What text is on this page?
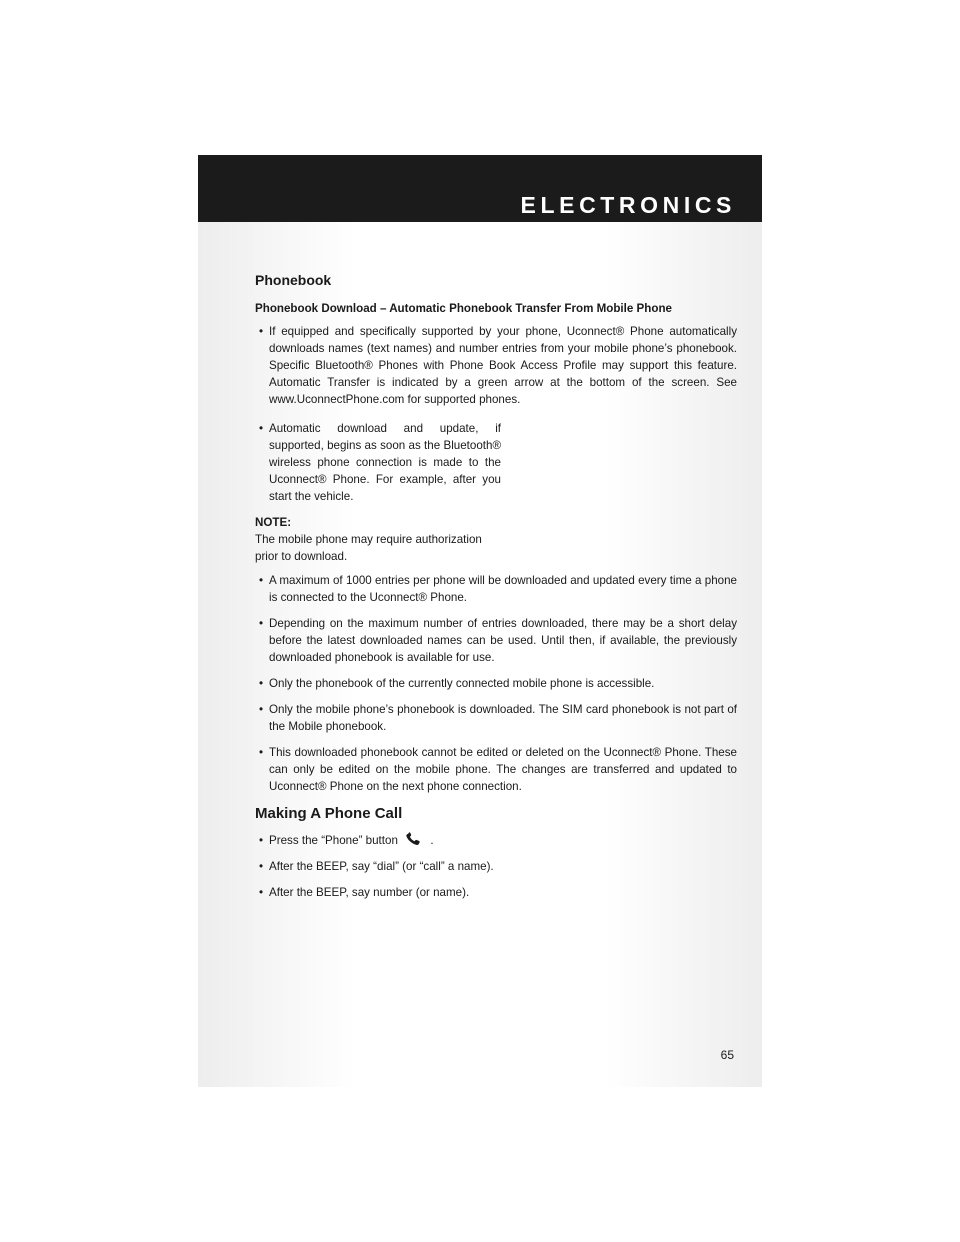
ELECTRONICS
Phonebook
Phonebook Download – Automatic Phonebook Transfer From Mobile Phone
• If equipped and specifically supported by your phone, Uconnect® Phone automatically downloads names (text names) and number entries from your mobile phone’s phonebook. Specific Bluetooth® Phones with Phone Book Access Profile may support this feature. Automatic Transfer is indicated by a green arrow at the bottom of the screen. See www.UconnectPhone.com for supported phones.
• Automatic download and update, if supported, begins as soon as the Bluetooth® wireless phone connection is made to the Uconnect® Phone. For example, after you start the vehicle.
NOTE:
The mobile phone may require authorization prior to download.
• A maximum of 1000 entries per phone will be downloaded and updated every time a phone is connected to the Uconnect® Phone.
• Depending on the maximum number of entries downloaded, there may be a short delay before the latest downloaded names can be used. Until then, if available, the previously downloaded phonebook is available for use.
• Only the phonebook of the currently connected mobile phone is accessible.
• Only the mobile phone’s phonebook is downloaded. The SIM card phonebook is not part of the Mobile phonebook.
• This downloaded phonebook cannot be edited or deleted on the Uconnect® Phone. These can only be edited on the mobile phone. The changes are transferred and updated to Uconnect® Phone on the next phone connection.
Making A Phone Call
• Press the “Phone” button	.
• After the BEEP, say “dial” (or “call” a name).
• After the BEEP, say number (or name).
65
